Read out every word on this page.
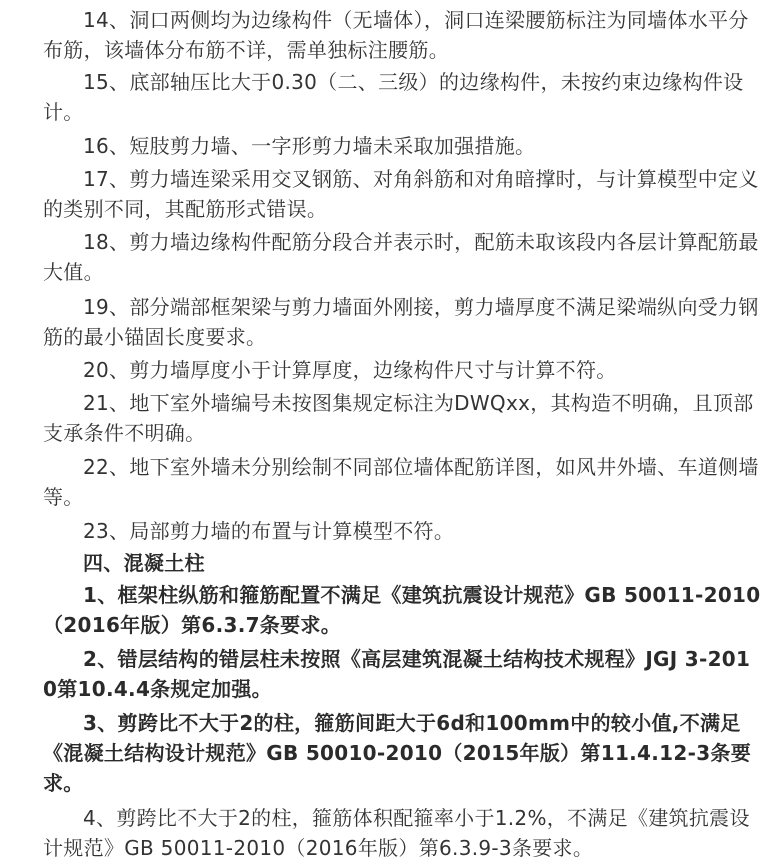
14、洞口两侧均为边缘构件（无墙体），洞口连梁腰筋标注为同墙体水平分布筋，该墙体分布筋不详，需单独标注腰筋。

15、底部轴压比大于0.30（二、三级）的边缘构件，未按约束边缘构件设计。

16、短肢剪力墙、一字形剪力墙未采取加强措施。

17、剪力墙连梁采用交叉钢筋、对角斜筋和对角暗撑时，与计算模型中定义的类别不同，其配筋形式错误。

18、剪力墙边缘构件配筋分段合并表示时，配筋未取该段内各层计算配筋最大值。

19、部分端部框架梁与剪力墙面外刚接，剪力墙厚度不满足梁端纵向受力钢筋的最小锚固长度要求。

20、剪力墙厚度小于计算厚度，边缘构件尺寸与计算不符。

21、地下室外墙编号未按图集规定标注为DWQxx，其构造不明确，且顶部支承条件不明确。

22、地下室外墙未分别绘制不同部位墙体配筋详图，如风井外墙、车道侧墙等。

23、局部剪力墙的布置与计算模型不符。

四、混凝土柱

1、框架柱纵筋和箍筋配置不满足《建筑抗震设计规范》GB 50011-2010（2016年版）第6.3.7条要求。

2、错层结构的错层柱未按照《高层建筑混凝土结构技术规程》JGJ 3-2010第10.4.4条规定加强。

3、剪跨比不大于2的柱，箍筋间距大于6d和100mm中的较小值,不满足《混凝土结构设计规范》GB 50010-2010（2015年版）第11.4.12-3条要求。

4、剪跨比不大于2的柱，箍筋体积配箍率小于1.2%，不满足《建筑抗震设计规范》GB 50011-2010（2016年版）第6.3.9-3条要求。
